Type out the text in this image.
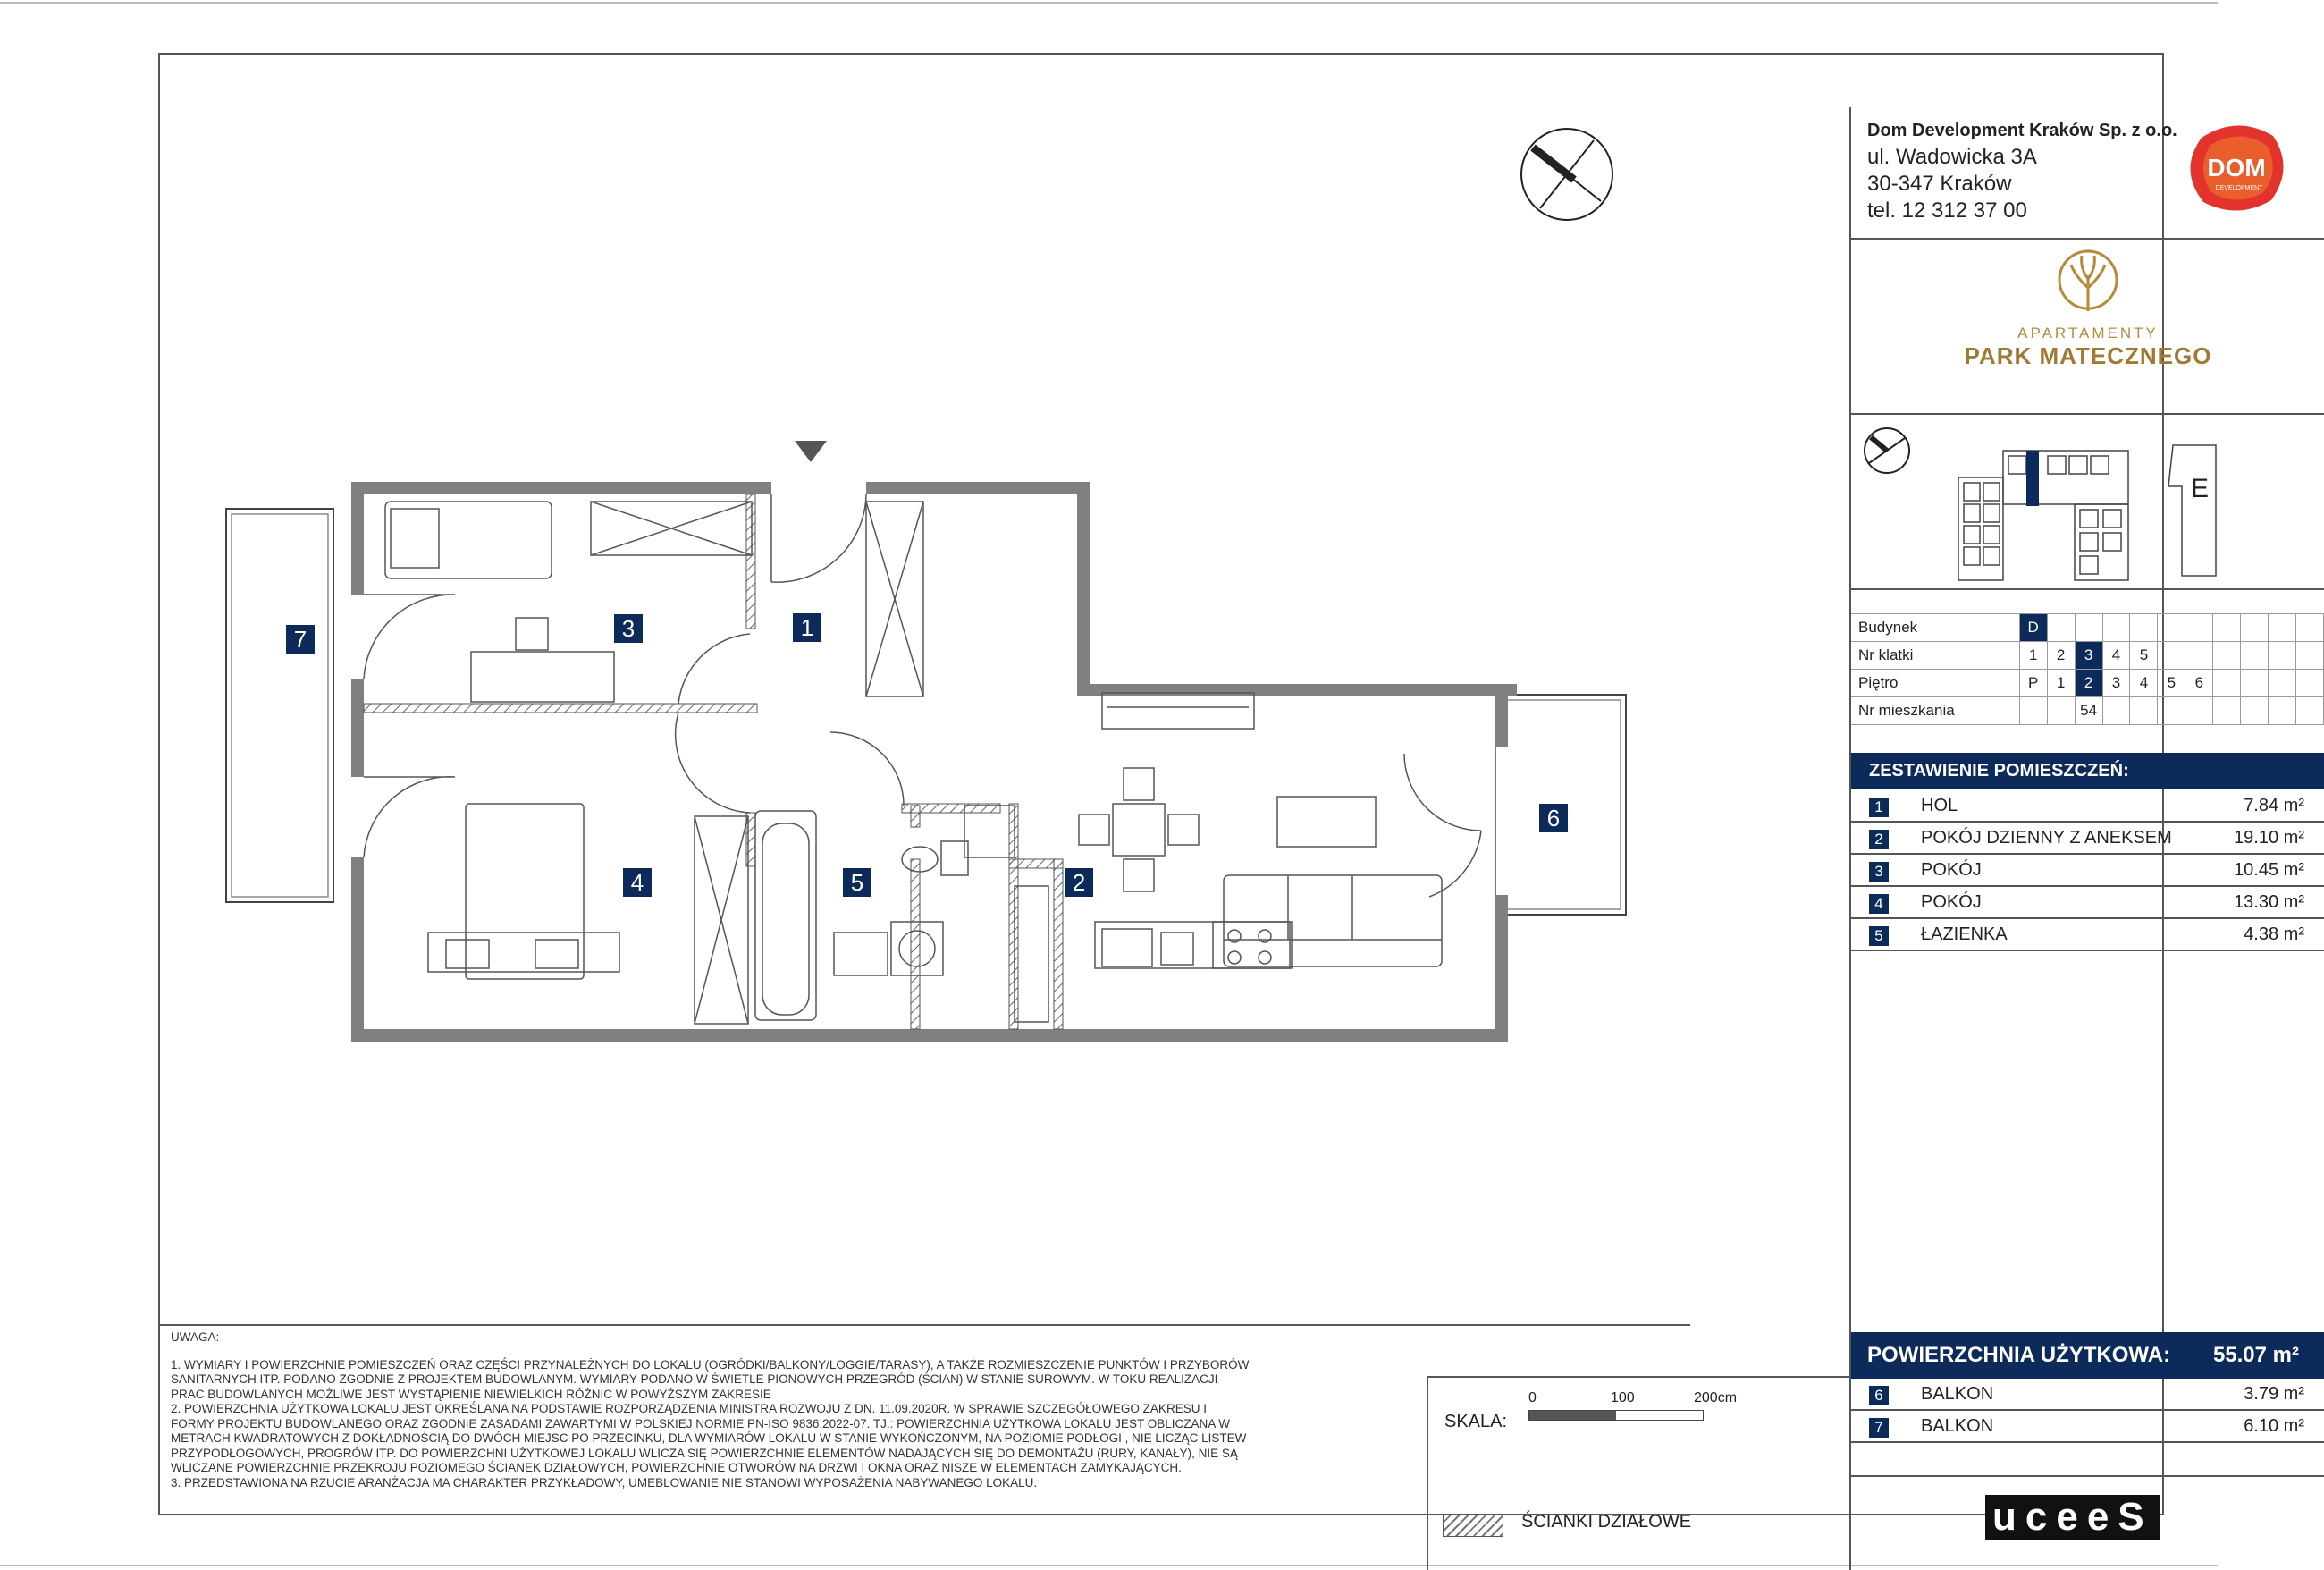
1
2
3
4	5
6
7
UWAGA:
1. WYMIARY I POWIERZCHNIE POMIESZCZEŃ ORAZ CZĘŚCI PRZYNALEŻNYCH DO LOKALU (OGRÓDKI/BALKONY/LOGGIE/TARASY), A TAKŻE ROZMIESZCZENIE PUNKTÓW I PRZYBORÓW SANITARNYCH ITP. PODANO ZGODNIE Z PROJEKTEM BUDOWLANYM. WYMIARY PODANO W ŚWIETLE PIONOWYCH PRZEGRÓD (ŚCIAN) W STANIE SUROWYM. W TOKU REALIZACJI PRAC BUDOWLANYCH MOŻLIWE JEST WYSTĄPIENIE NIEWIELKICH RÓŻNIC W POWYŻSZYM ZAKRESIE
2. POWIERZCHNIA UŻYTKOWA LOKALU JEST OKREŚLANA NA PODSTAWIE ROZPORZĄDZENIA MINISTRA ROZWOJU Z DN. 11.09.2020R. W SPRAWIE SZCZEGÓŁOWEGO ZAKRESU I FORMY PROJEKTU BUDOWLANEGO ORAZ ZGODNIE ZASADAMI ZAWARTYMI W POLSKIEJ NORMIE PN-ISO 9836:2022-07. TJ.: POWIERZCHNIA UŻYTKOWA LOKALU JEST OBLICZANA W METRACH KWADRATOWYCH Z DOKŁADNOŚCIĄ DO DWÓCH MIEJSC PO PRZECINKU, DLA WYMIARÓW LOKALU W STANIE WYKOŃCZONYM, NA POZIOMIE PODŁOGI , NIE LICZĄC LISTEW PRZYPODŁOGOWYCH, PROGRÓW ITP. DO POWIERZCHNI UŻYTKOWEJ LOKALU WLICZA SIĘ POWIERZCHNIE ELEMENTÓW NADAJĄCYCH SIĘ DO DEMONTAŻU (RURY, KANAŁY), NIE SĄ WLICZANE POWIERZCHNIE PRZEKROJU POZIOMEGO ŚCIANEK DZIAŁOWYCH, POWIERZCHNIE OTWORÓW NA DRZWI I OKNA ORAZ NISZE W ELEMENTACH ZAMYKAJĄCYCH.
3. PRZEDSTAWIONA NA RZUCIE ARANŻACJA MA CHARAKTER PRZYKŁADOWY, UMEBLOWANIE NIE STANOWI WYPOSAŻENIA NABYWANEGO LOKALU.
SKALA:
0	100	200cm
ŚCIANKI DZIAŁOWE
Dom Development Kraków Sp. z o.o.
ul. Wadowicka 3A
30-347 Kraków
tel. 12 312 37 00
DOM
DEVELOPMENT
APARTAMENTY
PARK MATECZNEGO
E
Budynek	D										
Nr klatki	1	2	3	4	5						
Piętro	P	1	2	3	4	5	6				
Nr mieszkania			54								
ZESTAWIENIE POMIESZCZEŃ:
1	HOL	7.84 m²
2	POKÓJ DZIENNY Z ANEKSEM	19.10 m²
3	POKÓJ	10.45 m²
4	POKÓJ	13.30 m²
5	ŁAZIENKA	4.38 m²
POWIERZCHNIA UŻYTKOWA: 55.07 m²
6	BALKON	3.79 m²
7	BALKON	6.10 m²
uceeS
